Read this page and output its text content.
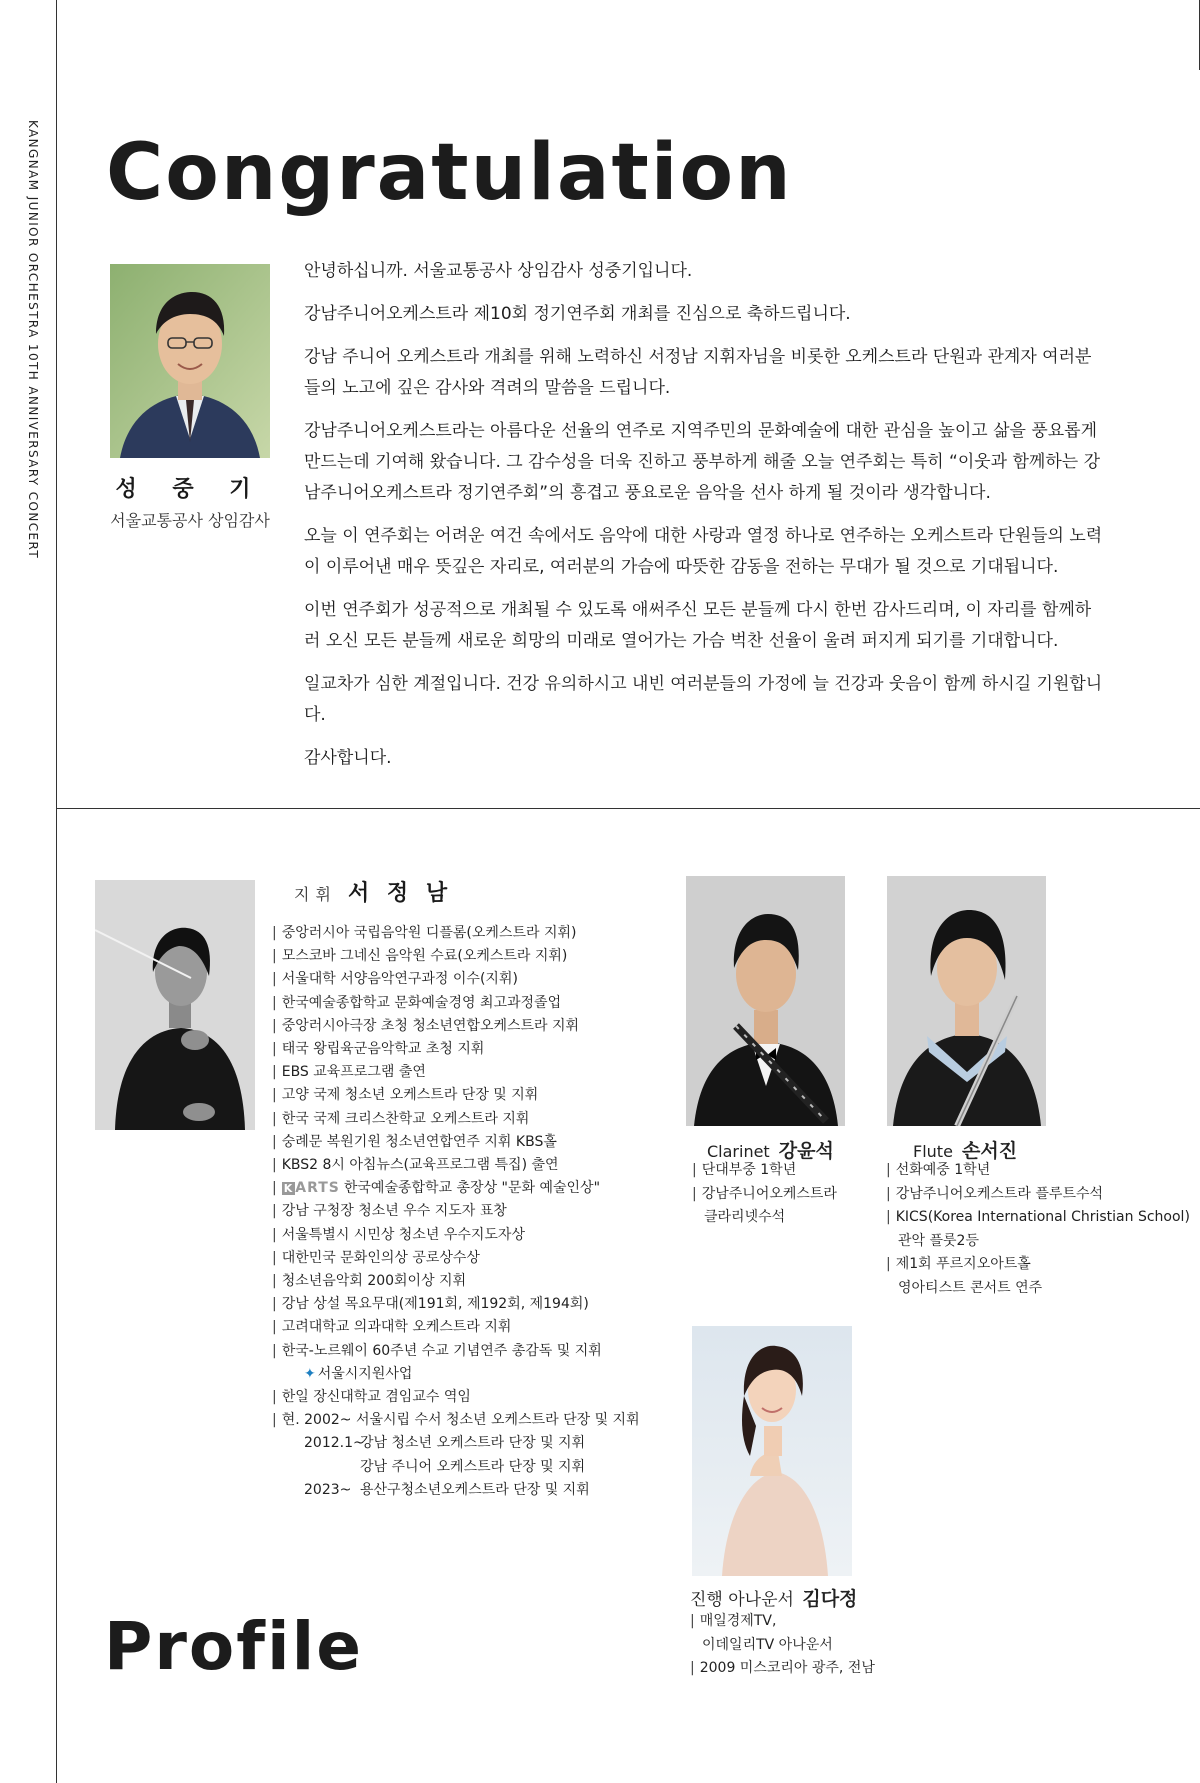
KANGNAM JUNIOR ORCHESTRA 10TH ANNIVERSARY CONCERT Congratulation

성 중 기

서울교통공사 상임감사

안녕하십니까. 서울교통공사 상임감사 성중기입니다.

강남주니어오케스트라 제10회 정기연주회 개최를 진심으로 축하드립니다.

강남 주니어 오케스트라 개최를 위해 노력하신 서정남 지휘자님을 비롯한 오케스트라 단원과 관계자 여러분들의 노고에 깊은 감사와 격려의 말씀을 드립니다.

강남주니어오케스트라는 아름다운 선율의 연주로 지역주민의 문화예술에 대한 관심을 높이고 삶을 풍요롭게 만드는데 기여해 왔습니다. 그 감수성을 더욱 진하고 풍부하게 해줄 오늘 연주회는 특히 “이웃과 함께하는 강남주니어오케스트라 정기연주회”의 흥겹고 풍요로운 음악을 선사 하게 될 것이라 생각합니다.

오늘 이 연주회는 어려운 여건 속에서도 음악에 대한 사랑과 열정 하나로 연주하는 오케스트라 단원들의 노력이 이루어낸 매우 뜻깊은 자리로, 여러분의 가슴에 따뜻한 감동을 전하는 무대가 될 것으로 기대됩니다.

이번 연주회가 성공적으로 개최될 수 있도록 애써주신 모든 분들께 다시 한번 감사드리며, 이 자리를 함께하러 오신 모든 분들께 새로운 희망의 미래로 열어가는 가슴 벅찬 선율이 울려 퍼지게 되기를 기대합니다.

일교차가 심한 계절입니다. 건강 유의하시고 내빈 여러분들의 가정에 늘 건강과 웃음이 함께 하시길 기원합니다.

감사합니다.

지휘 서 정 남

| 중앙러시아 국립음악원 디플롬(오케스트라 지휘)
| 모스코바 그네신 음악원 수료(오케스트라 지휘)
| 서울대학 서양음악연구과정 이수(지휘)
| 한국예술종합학교 문화예술경영 최고과정졸업
| 중앙러시아극장 초청 청소년연합오케스트라 지휘
| 태국 왕립육군음악학교 초청 지휘
| EBS 교육프로그램 출연
| 고양 국제 청소년 오케스트라 단장 및 지휘
| 한국 국제 크리스찬학교 오케스트라 지휘
| 숭례문 복원기원 청소년연합연주 지휘 KBS홀
| KBS2 8시 아침뉴스(교육프로그램 특집) 출연
| K ARTS 한국예술종합학교 총장상 "문화 예술인상"
| 강남 구청장 청소년 우수 지도자 표창
| 서울특별시 시민상 청소년 우수지도자상
| 대한민국 문화인의상 공로상수상
| 청소년음악회 200회이상 지휘
| 강남 상설 목요무대(제191회, 제192회, 제194회)
| 고려대학교 의과대학 오케스트라 지휘
| 한국-노르웨이 60주년 수교 기념연주 총감독 및 지휘
✦ 서울시지원사업
| 한일 장신대학교 겸임교수 역임
| 현. 2002~ 서울시립 수서 청소년 오케스트라 단장 및 지휘
2012.1~강남 청소년 오케스트라 단장 및 지휘
강남 주니어 오케스트라 단장 및 지휘
2023~ 용산구청소년오케스트라 단장 및 지휘

Clarinet 강윤석

| 단대부중 1학년
| 강남주니어오케스트라
클라리넷수석

Flute 손서진

| 선화예중 1학년
| 강남주니어오케스트라 플루트수석
| KICS(Korea International Christian School)
관악 플룻2등
| 제1회 푸르지오아트홀
영아티스트 콘서트 연주

진행 아나운서 김다정

| 매일경제TV,
이데일리TV 아나운서
| 2009 미스코리아 광주, 전남
Profile
